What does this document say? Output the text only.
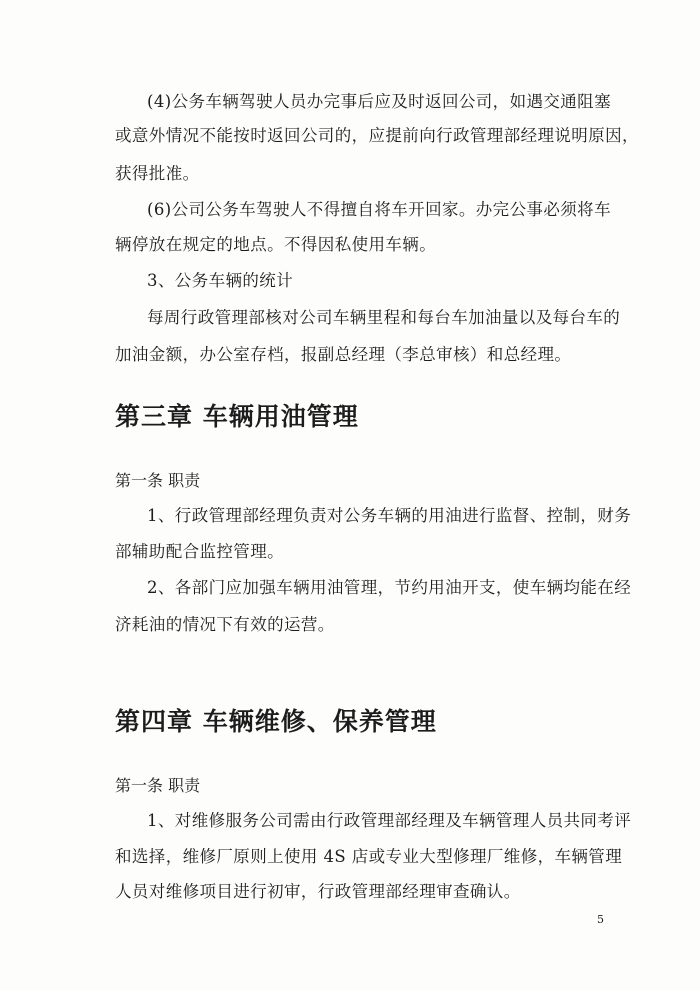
(4)公务车辆驾驶人员办完事后应及时返回公司，如遇交通阻塞
或意外情况不能按时返回公司的，应提前向行政管理部经理说明原因，
获得批准。
(6)公司公务车驾驶人不得擅自将车开回家。办完公事必须将车
辆停放在规定的地点。不得因私使用车辆。
3、公务车辆的统计
每周行政管理部核对公司车辆里程和每台车加油量以及每台车的
加油金额，办公室存档，报副总经理（李总审核）和总经理。
第三章 车辆用油管理
第一条 职责
1、行政管理部经理负责对公务车辆的用油进行监督、控制，财务
部辅助配合监控管理。
2、各部门应加强车辆用油管理，节约用油开支，使车辆均能在经
济耗油的情况下有效的运营。
第四章 车辆维修、保养管理
第一条 职责
1、对维修服务公司需由行政管理部经理及车辆管理人员共同考评
和选择，维修厂原则上使用 4S 店或专业大型修理厂维修，车辆管理
人员对维修项目进行初审，行政管理部经理审查确认。
5
